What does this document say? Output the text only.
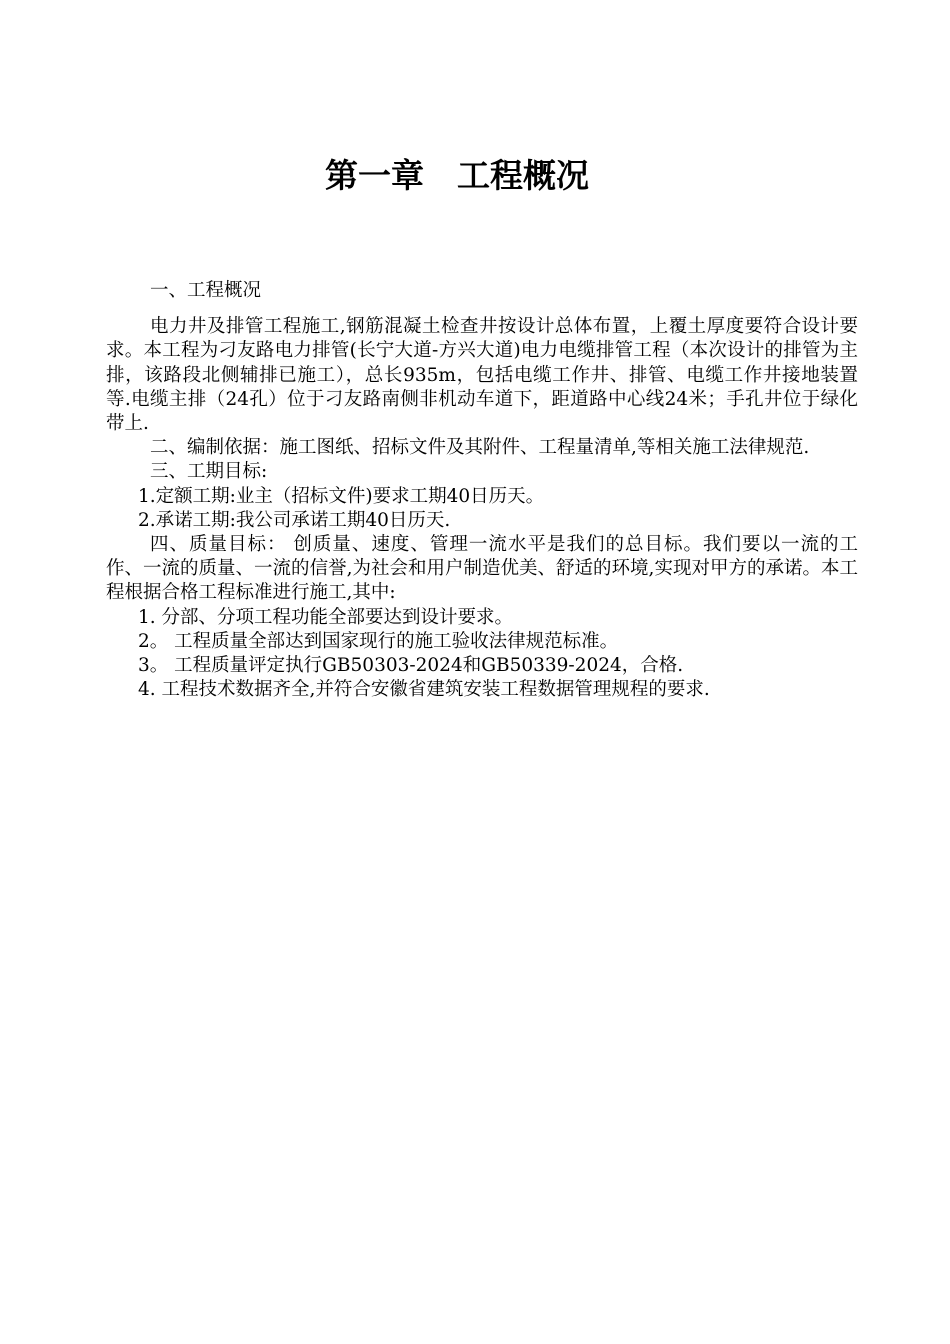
第一章　工程概况

一、工程概况

电力井及排管工程施工,钢筋混凝土检查井按设计总体布置，上覆土厚度要符合设计要求。本工程为刁友路电力排管(长宁大道-方兴大道)电力电缆排管工程（本次设计的排管为主排，该路段北侧辅排已施工），总长935m，包括电缆工作井、排管、电缆工作井接地装置等.电缆主排（24孔）位于刁友路南侧非机动车道下，距道路中心线24米；手孔井位于绿化带上.

二、编制依据：施工图纸、招标文件及其附件、工程量清单,等相关施工法律规范.

三、工期目标:

1.定额工期:业主（招标文件)要求工期40日历天。

2.承诺工期:我公司承诺工期40日历天.

四、质量目标： 创质量、速度、管理一流水平是我们的总目标。我们要以一流的工作、一流的质量、一流的信誉,为社会和用户制造优美、舒适的环境,实现对甲方的承诺。本工程根据合格工程标准进行施工,其中:

1. 分部、分项工程功能全部要达到设计要求。

2。 工程质量全部达到国家现行的施工验收法律规范标准。

3。 工程质量评定执行GB50303-2024和GB50339-2024，合格.

4. 工程技术数据齐全,并符合安徽省建筑安装工程数据管理规程的要求.
